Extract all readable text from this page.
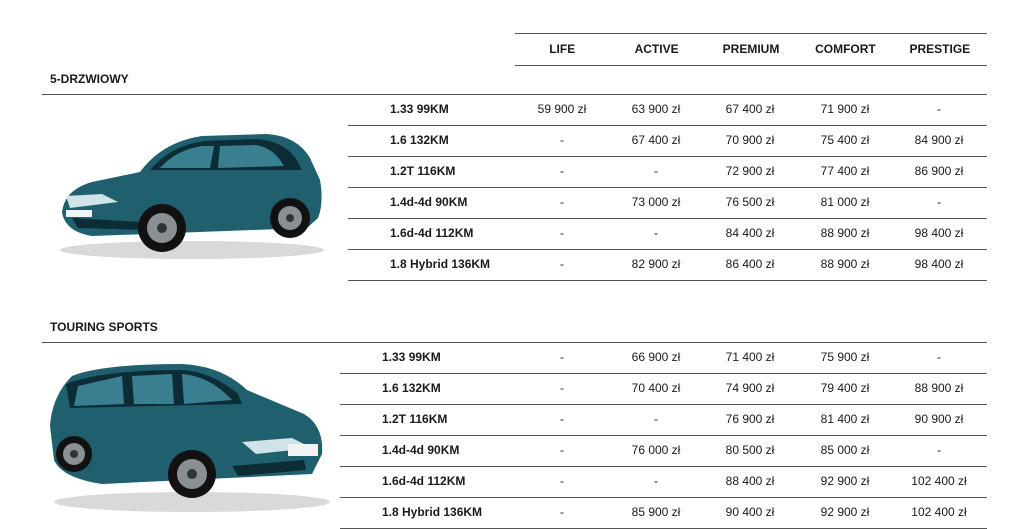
LIFE	ACTIVE	PREMIUM	COMFORT	PRESTIGE
5-DRZWIOWY
1.33 99KM	59 900 zł	63 900 zł	67 400 zł	71 900 zł	-
1.6 132KM	-	67 400 zł	70 900 zł	75 400 zł	84 900 zł
1.2T 116KM	-	-	72 900 zł	77 400 zł	86 900 zł
1.4d-4d 90KM	-	73 000 zł	76 500 zł	81 000 zł	-
1.6d-4d 112KM	-	-	84 400 zł	88 900 zł	98 400 zł
1.8 Hybrid 136KM	-	82 900 zł	86 400 zł	88 900 zł	98 400 zł
TOURING SPORTS
1.33 99KM	-	66 900 zł	71 400 zł	75 900 zł	-
1.6 132KM	-	70 400 zł	74 900 zł	79 400 zł	88 900 zł
1.2T 116KM	-	-	76 900 zł	81 400 zł	90 900 zł
1.4d-4d 90KM	-	76 000 zł	80 500 zł	85 000 zł	-
1.6d-4d 112KM	-	-	88 400 zł	92 900 zł	102 400 zł
1.8 Hybrid 136KM	-	85 900 zł	90 400 zł	92 900 zł	102 400 zł
